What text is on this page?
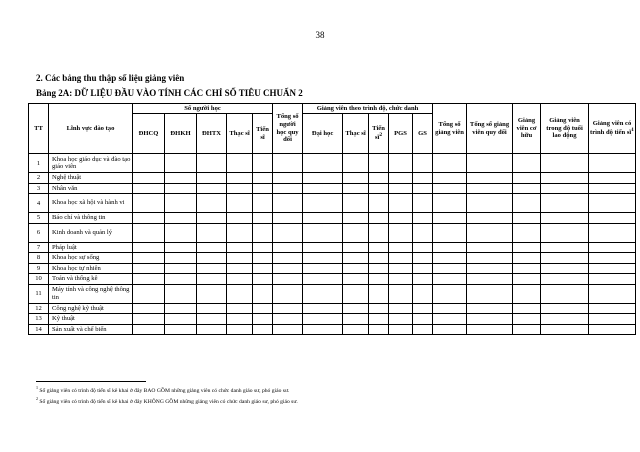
38
2. Các bảng thu thập số liệu giảng viên
Bảng 2A: DỮ LIỆU ĐẦU VÀO TÍNH CÁC CHỈ SỐ TIÊU CHUẨN 2
TT	Lĩnh vực đào tạo	Số người học					Tổng số người học quy đổi	Giảng viên theo trình độ, chức danh					Tổng số giảng viên	Tổng số giảng viên quy đổi	Giảng viên cơ hữu	Giảng viên trong độ tuổi lao động	Giảng viên có trình độ tiến $sĩ^1$
		ĐHCQ	ĐHKH	ĐHTX	Thạc sĩ	Tiến sĩ		Đại học	Thạc sĩ	Tiến $sĩ^2$	PGS	GS					
1	Khoa học giáo dục và đào tạo giáo viên																
2	Nghệ thuật																
3	Nhân văn																
4	Khoa học xã hội và hành vi																
5	Báo chí và thông tin																
6	Kinh doanh và quản lý																
7	Pháp luật																
8	Khoa học sự sống																
9	Khoa học tự nhiên																
10	Toán và thống kê																
11	Máy tính và công nghệ thông tin																
12	Công nghệ kỹ thuật																
13	Kỹ thuật																
14	Sản xuất và chế biến																
$^1$ Số giảng viên có trình độ tiến sĩ kê khai ở đây BAO GỒM những giảng viên có chức danh giáo sư, phó giáo sư.
$^2$ Số giảng viên có trình độ tiến sĩ kê khai ở đây KHÔNG GỒM những giảng viên có chức danh giáo sư, phó giáo sư.
